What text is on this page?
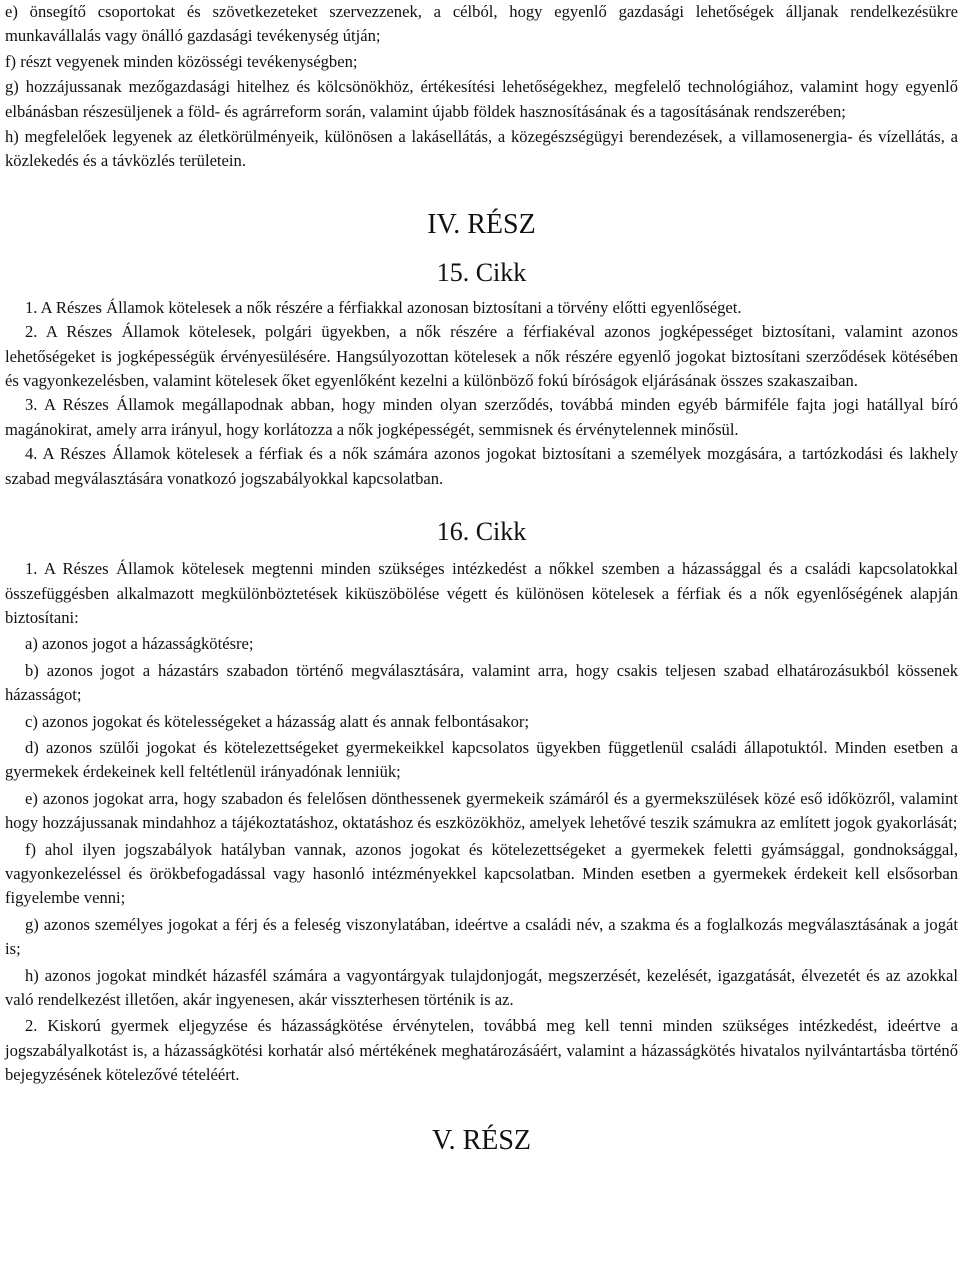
e) önsegítő csoportokat és szövetkezeteket szervezzenek, a célból, hogy egyenlő gazdasági lehetőségek álljanak rendelkezésükre munkavállalás vagy önálló gazdasági tevékenység útján;

f) részt vegyenek minden közösségi tevékenységben;

g) hozzájussanak mezőgazdasági hitelhez és kölcsönökhöz, értékesítési lehetőségekhez, megfelelő technológiához, valamint hogy egyenlő elbánásban részesüljenek a föld- és agrárreform során, valamint újabb földek hasznosításának és a tagosításának rendszerében;

h) megfelelőek legyenek az életkörülményeik, különösen a lakásellátás, a közegészségügyi berendezések, a villamosenergia- és vízellátás, a közlekedés és a távközlés területein.

IV. RÉSZ
15. Cikk

1. A Részes Államok kötelesek a nők részére a férfiakkal azonosan biztosítani a törvény előtti egyenlőséget.

2. A Részes Államok kötelesek, polgári ügyekben, a nők részére a férfiakéval azonos jogképességet biztosítani, valamint azonos lehetőségeket is jogképességük érvényesülésére. Hangsúlyozottan kötelesek a nők részére egyenlő jogokat biztosítani szerződések kötésében és vagyonkezelésben, valamint kötelesek őket egyenlőként kezelni a különböző fokú bíróságok eljárásának összes szakaszaiban.

3. A Részes Államok megállapodnak abban, hogy minden olyan szerződés, továbbá minden egyéb bármiféle fajta jogi hatállyal bíró magánokirat, amely arra irányul, hogy korlátozza a nők jogképességét, semmisnek és érvénytelennek minősül.

4. A Részes Államok kötelesek a férfiak és a nők számára azonos jogokat biztosítani a személyek mozgására, a tartózkodási és lakhely szabad megválasztására vonatkozó jogszabályokkal kapcsolatban.

16. Cikk

1. A Részes Államok kötelesek megtenni minden szükséges intézkedést a nőkkel szemben a házassággal és a családi kapcsolatokkal összefüggésben alkalmazott megkülönböztetések kiküszöbölése végett és különösen kötelesek a férfiak és a nők egyenlőségének alapján biztosítani:

a) azonos jogot a házasságkötésre;

b) azonos jogot a házastárs szabadon történő megválasztására, valamint arra, hogy csakis teljesen szabad elhatározásukból kössenek házasságot;

c) azonos jogokat és kötelességeket a házasság alatt és annak felbontásakor;

d) azonos szülői jogokat és kötelezettségeket gyermekeikkel kapcsolatos ügyekben függetlenül családi állapotuktól. Minden esetben a gyermekek érdekeinek kell feltétlenül irányadónak lenniük;

e) azonos jogokat arra, hogy szabadon és felelősen dönthessenek gyermekeik számáról és a gyermekszülések közé eső időközről, valamint hogy hozzájussanak mindahhoz a tájékoztatáshoz, oktatáshoz és eszközökhöz, amelyek lehetővé teszik számukra az említett jogok gyakorlását;

f) ahol ilyen jogszabályok hatályban vannak, azonos jogokat és kötelezettségeket a gyermekek feletti gyámsággal, gondnoksággal, vagyonkezeléssel és örökbefogadással vagy hasonló intézményekkel kapcsolatban. Minden esetben a gyermekek érdekeit kell elsősorban figyelembe venni;

g) azonos személyes jogokat a férj és a feleség viszonylatában, ideértve a családi név, a szakma és a foglalkozás megválasztásának a jogát is;

h) azonos jogokat mindkét házasfél számára a vagyontárgyak tulajdonjogát, megszerzését, kezelését, igazgatását, élvezetét és az azokkal való rendelkezést illetően, akár ingyenesen, akár visszterhesen történik is az.

2. Kiskorú gyermek eljegyzése és házasságkötése érvénytelen, továbbá meg kell tenni minden szükséges intézkedést, ideértve a jogszabályalkotást is, a házasságkötési korhatár alsó mértékének meghatározásáért, valamint a házasságkötés hivatalos nyilvántartásba történő bejegyzésének kötelezővé tételéért.

V. RÉSZ
